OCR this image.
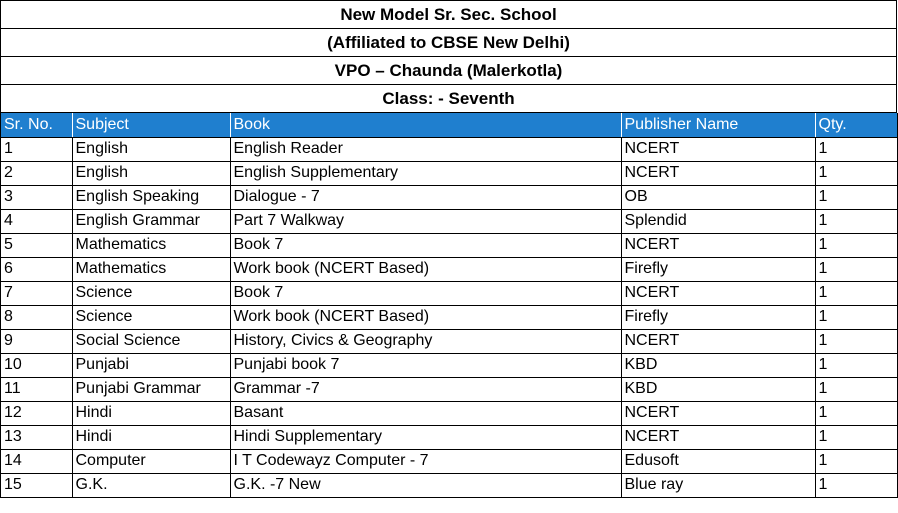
New Model Sr. Sec. School
(Affiliated to CBSE New Delhi)
VPO – Chaunda (Malerkotla)
Class: - Seventh
Sr. No.	Subject	Book	Publisher Name	Qty.
1	English	English Reader	NCERT	1
2	English	English Supplementary	NCERT	1
3	English Speaking	Dialogue - 7	OB	1
4	English Grammar	Part 7 Walkway	Splendid	1
5	Mathematics	Book 7	NCERT	1
6	Mathematics	Work book (NCERT Based)	Firefly	1
7	Science	Book 7	NCERT	1
8	Science	Work book (NCERT Based)	Firefly	1
9	Social Science	History, Civics & Geography	NCERT	1
10	Punjabi	Punjabi book 7	KBD	1
11	Punjabi Grammar	Grammar -7	KBD	1
12	Hindi	Basant	NCERT	1
13	Hindi	Hindi Supplementary	NCERT	1
14	Computer	I T Codewayz Computer - 7	Edusoft	1
15	G.K.	G.K. -7 New	Blue ray	1
